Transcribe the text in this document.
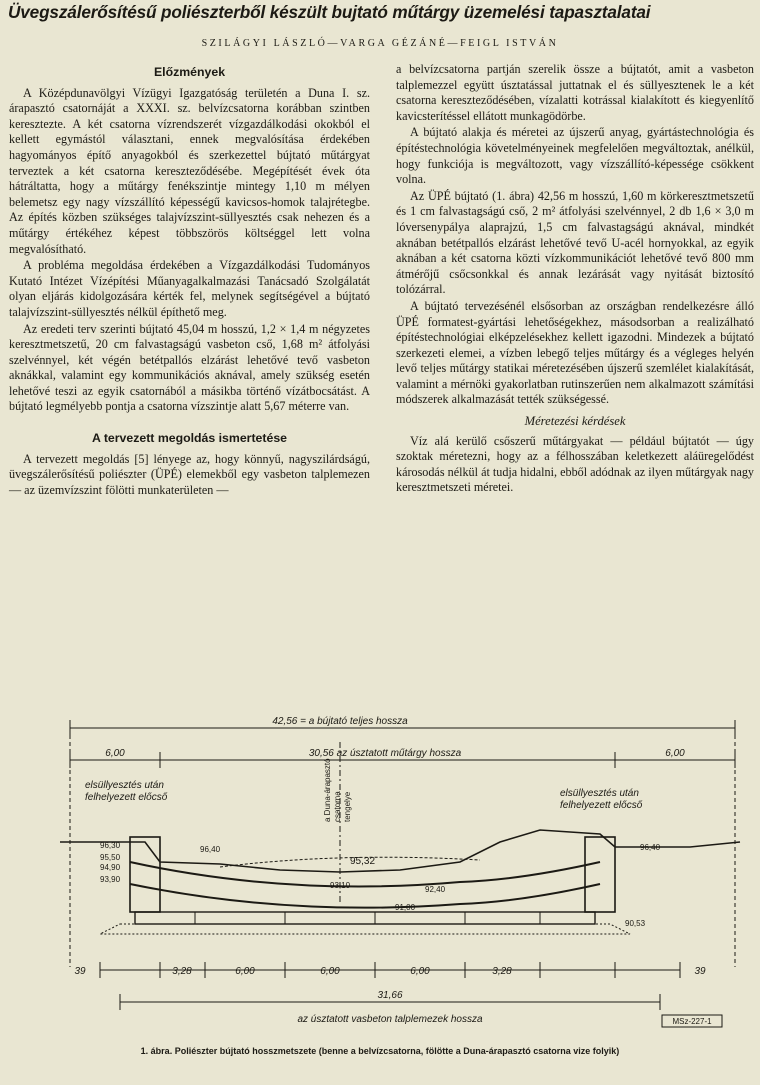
Üvegszálerősítésű poliészterből készült bujtató műtárgy üzemelési tapasztalatai
SZILÁGYI LÁSZLÓ—VARGA GÉZÁNÉ—FEIGL ISTVÁN
Előzmények

A Középdunavölgyi Vízügyi Igazgatóság területén a Duna I. sz. árapasztó csatornáját a XXXI. sz. belvízcsatorna korábban szintben keresztezte. A két csatorna vízrendszerét vízgazdálkodási okokból el kellett egymástól választani, ennek megvalósítása érdekében hagyományos építő anyagokból és szerkezettel bújtató műtárgyat terveztek a két csatorna kereszteződésébe. Megépítését évek óta hátráltatta, hogy a műtárgy fenékszintje mintegy 1,10 m mélyen belemetsz egy nagy vízszállító képességű kavicsos-homok talajrétegbe. Az építés közben szükséges talajvízszint-süllyesztés csak nehezen és a műtárgy értékéhez képest többszörös költséggel lett volna megvalósítható.

A probléma megoldása érdekében a Vízgazdálkodási Tudományos Kutató Intézet Vízépítési Műanyagalkalmazási Tanácsadó Szolgálatát olyan eljárás kidolgozására kérték fel, melynek segítségével a bújtató talajvízszint-süllyesztés nélkül építhető meg.

Az eredeti terv szerinti bújtató 45,04 m hosszú, 1,2 × 1,4 m négyzetes keresztmetszetű, 20 cm falvastagságú vasbeton cső, 1,68 m² átfolyási szelvénnyel, két végén betétpallós elzárást lehetővé tevő vasbeton aknákkal, valamint egy kommunikációs aknával, amely szükség esetén lehetővé teszi az egyik csatornából a másikba történő vízátbocsátást. A bújtató legmélyebb pontja a csatorna vízszintje alatt 5,67 méterre van.

A tervezett megoldás ismertetése

A tervezett megoldás [5] lényege az, hogy könnyű, nagyszilárdságú, üvegszálerősítésű poliészter (ÜPÉ) elemekből egy vasbeton talplemezen — az üzemvízszint fölötti munkaterületen —

a belvízcsatorna partján szerelik össze a bújtatót, amit a vasbeton talplemezzel együtt úsztatással juttatnak el és süllyesztenek le a két csatorna kereszteződésében, vízalatti kotrással kialakított és kiegyenlítő kavicsterítéssel ellátott munkagödörbe.

A bújtató alakja és méretei az újszerű anyag, gyártástechnológia és építéstechnológia követelményeinek megfelelően megváltoztak, anélkül, hogy funkciója is megváltozott, vagy vízszállító-képessége csökkent volna.

Az ÜPÉ bújtató (1. ábra) 42,56 m hosszú, 1,60 m körkeresztmetszetű és 1 cm falvastagságú cső, 2 m² átfolyási szelvénnyel, 2 db 1,6 × 3,0 m lóversenypálya alaprajzú, 1,5 cm falvastagságú aknával, mindkét aknában betétpallós elzárást lehetővé tevő U-acél hornyokkal, az egyik aknában a két csatorna közti vízkommunikációt lehetővé tevő 800 mm átmérőjű csőcsonkkal és annak lezárását vagy nyitását biztosító tolózárral.

A bújtató tervezésénél elsősorban az országban rendelkezésre álló ÜPÉ formatest-gyártási lehetőségekhez, másodsorban a realizálható építéstechnológiai elképzelésekhez kellett igazodni. Mindezek a bújtató szerkezeti elemei, a vízben lebegő teljes műtárgy és a végleges helyén levő teljes műtárgy statikai méretezésében újszerű szemlélet kialakítását, valamint a mérnöki gyakorlatban rutinszerűen nem alkalmazott számítási módszerek alkalmazását tették szükségessé.

Méretezési kérdések

Víz alá kerülő csőszerű műtárgyakat — például bújtatót — úgy szoktak méretezni, hogy az a félhosszában keletkezett aláüregelődést károsodás nélkül át tudja hidalni, ebből adódnak az ilyen műtárgyak nagy keresztmetszeti méretei.

42,56 = a bújtató teljes hossza
6,00	30,56 az úsztatott műtárgy hossza	6,00
elsüllyesztés után
felhelyezett előcső	elsüllyesztés után
felhelyezett előcső
a Duna-árapasztó csatorna tengelye
96,30
95,50
94,90
93,90
96,40
95,32
93,10	92,40
91,00
96,40
90,53
39	3,28	6,00	6,00	6,00	3,28	39
31,66
az úsztatott vasbeton talplemezek hossza	MSz-227-1
1. ábra. Poliészter bújtató hosszmetszete (benne a belvízcsatorna, fölötte a Duna-árapasztó csatorna vize folyik)
